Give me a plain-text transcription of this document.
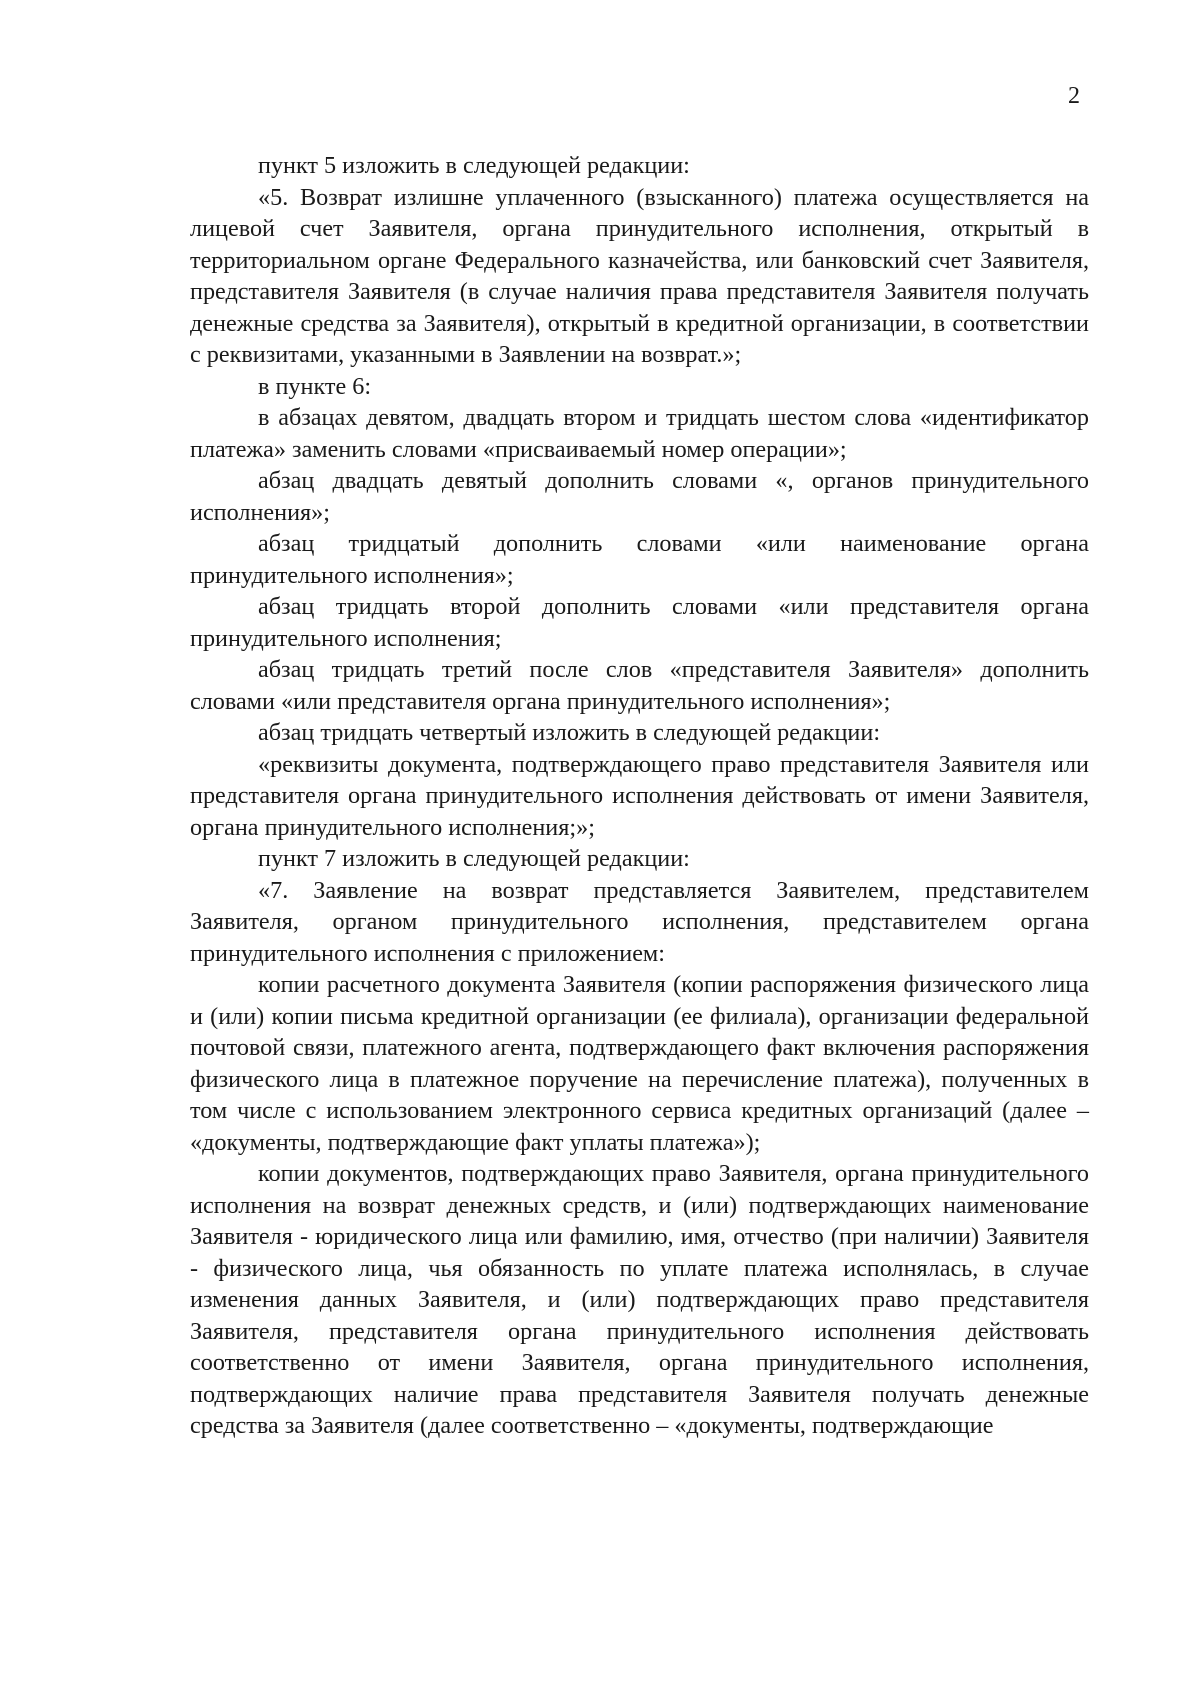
2

пункт 5 изложить в следующей редакции:

«5. Возврат излишне уплаченного (взысканного) платежа осуществляется на лицевой счет Заявителя, органа принудительного исполнения, открытый в территориальном органе Федерального казначейства, или банковский счет Заявителя, представителя Заявителя (в случае наличия права представителя Заявителя получать денежные средства за Заявителя), открытый в кредитной организации, в соответствии с реквизитами, указанными в Заявлении на возврат.»;

в пункте 6:

в абзацах девятом, двадцать втором и тридцать шестом слова «идентификатор платежа» заменить словами «присваиваемый номер операции»;

абзац двадцать девятый дополнить словами «, органов принудительного исполнения»;

абзац тридцатый дополнить словами «или наименование органа принудительного исполнения»;

абзац тридцать второй дополнить словами «или представителя органа принудительного исполнения;

абзац тридцать третий после слов «представителя Заявителя» дополнить словами «или представителя органа принудительного исполнения»;

абзац тридцать четвертый изложить в следующей редакции:

«реквизиты документа, подтверждающего право представителя Заявителя или представителя органа принудительного исполнения действовать от имени Заявителя, органа принудительного исполнения;»;

пункт 7 изложить в следующей редакции:

«7. Заявление на возврат представляется Заявителем, представителем Заявителя, органом принудительного исполнения, представителем органа принудительного исполнения с приложением:

копии расчетного документа Заявителя (копии распоряжения физического лица и (или) копии письма кредитной организации (ее филиала), организации федеральной почтовой связи, платежного агента, подтверждающего факт включения распоряжения физического лица в платежное поручение на перечисление платежа), полученных в том числе с использованием электронного сервиса кредитных организаций (далее – «документы, подтверждающие факт уплаты платежа»);

копии документов, подтверждающих право Заявителя, органа принудительного исполнения на возврат денежных средств, и (или) подтверждающих наименование Заявителя - юридического лица или фамилию, имя, отчество (при наличии) Заявителя - физического лица, чья обязанность по уплате платежа исполнялась, в случае изменения данных Заявителя, и (или) подтверждающих право представителя Заявителя, представителя органа принудительного исполнения действовать соответственно от имени Заявителя, органа принудительного исполнения, подтверждающих наличие права представителя Заявителя получать денежные средства за Заявителя (далее соответственно – «документы, подтверждающие
